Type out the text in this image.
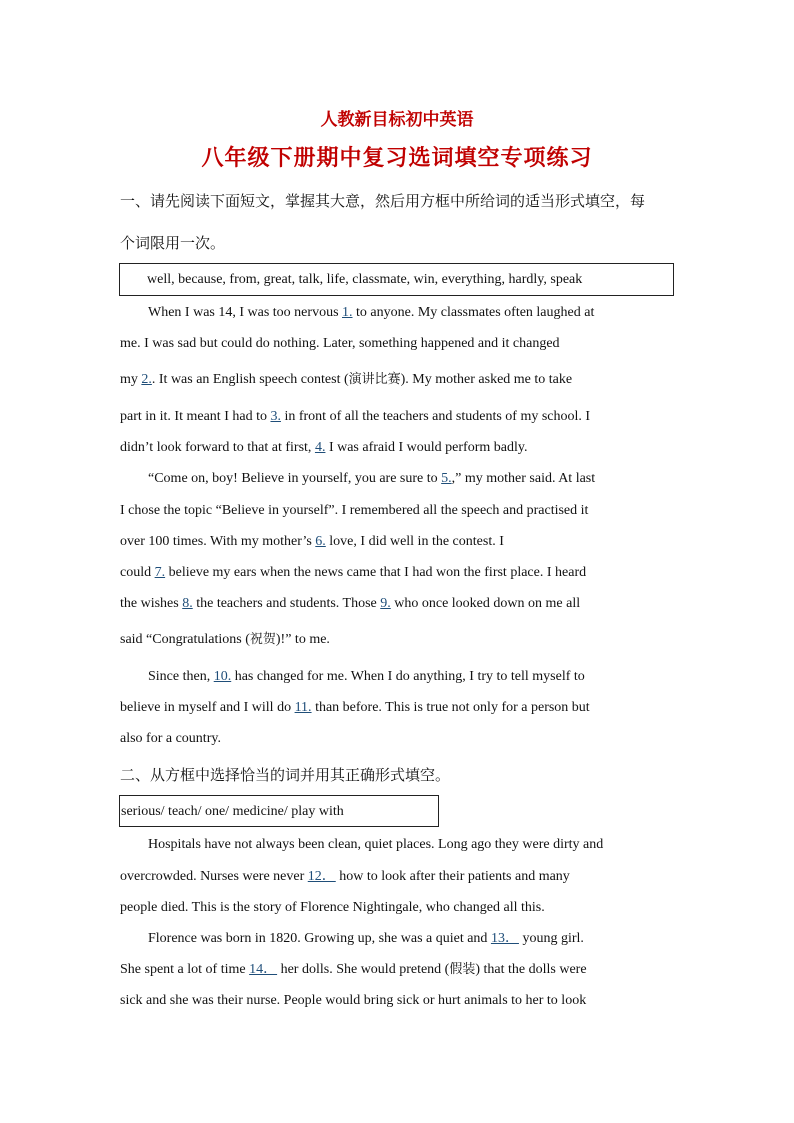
人教新目标初中英语
八年级下册期中复习选词填空专项练习
一、请先阅读下面短文，掌握其大意，然后用方框中所给词的适当形式填空，每
个词限用一次。
well, because, from, great, talk, life, classmate, win, everything, hardly, speak
When I was 14, I was too nervous 1. to anyone. My classmates often laughed at
me. I was sad but could do nothing. Later, something happened and it changed
my 2.. It was an English speech contest (演讲比赛). My mother asked me to take
part in it. It meant I had to 3. in front of all the teachers and students of my school. I
didn’t look forward to that at first, 4. I was afraid I would perform badly.
“Come on, boy! Believe in yourself, you are sure to 5.,” my mother said. At last
I chose the topic “Believe in yourself”. I remembered all the speech and practised it
over 100 times. With my mother’s 6. love, I did well in the contest. I
could 7. believe my ears when the news came that I had won the first place. I heard
the wishes 8. the teachers and students. Those 9. who once looked down on me all
said “Congratulations (祝贺)!” to me.
Since then, 10. has changed for me. When I do anything, I try to tell myself to
believe in myself and I will do 11. than before. This is true not only for a person but
also for a country.
二、从方框中选择恰当的词并用其正确形式填空。
serious/ teach/ one/ medicine/ play with
Hospitals have not always been clean, quiet places. Long ago they were dirty and
overcrowded. Nurses were never 12． how to look after their patients and many
people died. This is the story of Florence Nightingale, who changed all this.
Florence was born in 1820. Growing up, she was a quiet and 13． young girl.
She spent a lot of time 14． her dolls. She would pretend (假装) that the dolls were
sick and she was their nurse. People would bring sick or hurt animals to her to look
